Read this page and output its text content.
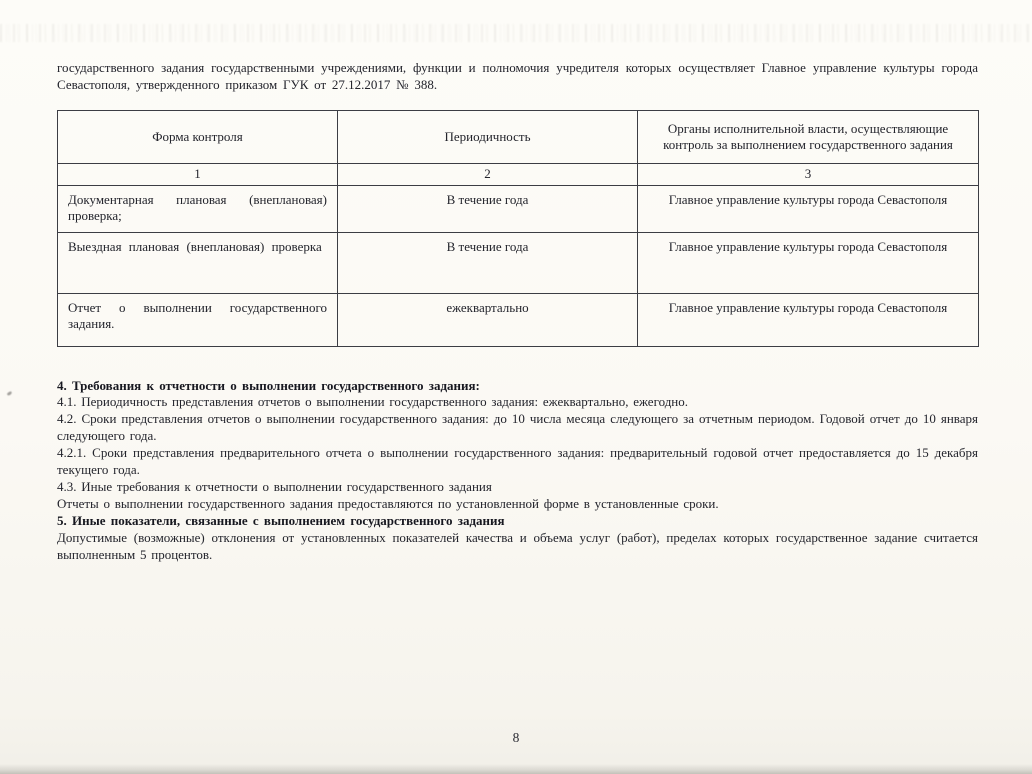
государственного задания государственными учреждениями, функции и полномочия учредителя которых осуществляет Главное управление культуры города Севастополя, утвержденного приказом ГУК от 27.12.2017 № 388.

Форма контроля	Периодичность	Органы исполнительной власти, осуществляющие контроль за выполнением государственного задания
1	2	3
Документарная плановая (внеплановая) проверка;	В течение года	Главное управление культуры города Севастополя
Выездная плановая (внеплановая) проверка	В течение года	Главное управление культуры города Севастополя
Отчет о выполнении государственного задания.	ежеквартально	Главное управление культуры города Севастополя

4. Требования к отчетности о выполнении государственного задания:

4.1. Периодичность представления отчетов о выполнении государственного задания: ежеквартально, ежегодно.

4.2. Сроки представления отчетов о выполнении государственного задания: до 10 числа месяца следующего за отчетным периодом. Годовой отчет до 10 января следующего года.

4.2.1. Сроки представления предварительного отчета о выполнении государственного задания: предварительный годовой отчет предоставляется до 15 декабря текущего года.

4.3. Иные требования к отчетности о выполнении государственного задания

Отчеты о выполнении государственного задания предоставляются по установленной форме в установленные сроки.

5. Иные показатели, связанные с выполнением государственного задания

Допустимые (возможные) отклонения от установленных показателей качества и объема услуг (работ), пределах которых государственное задание считается выполненным 5 процентов.

8
